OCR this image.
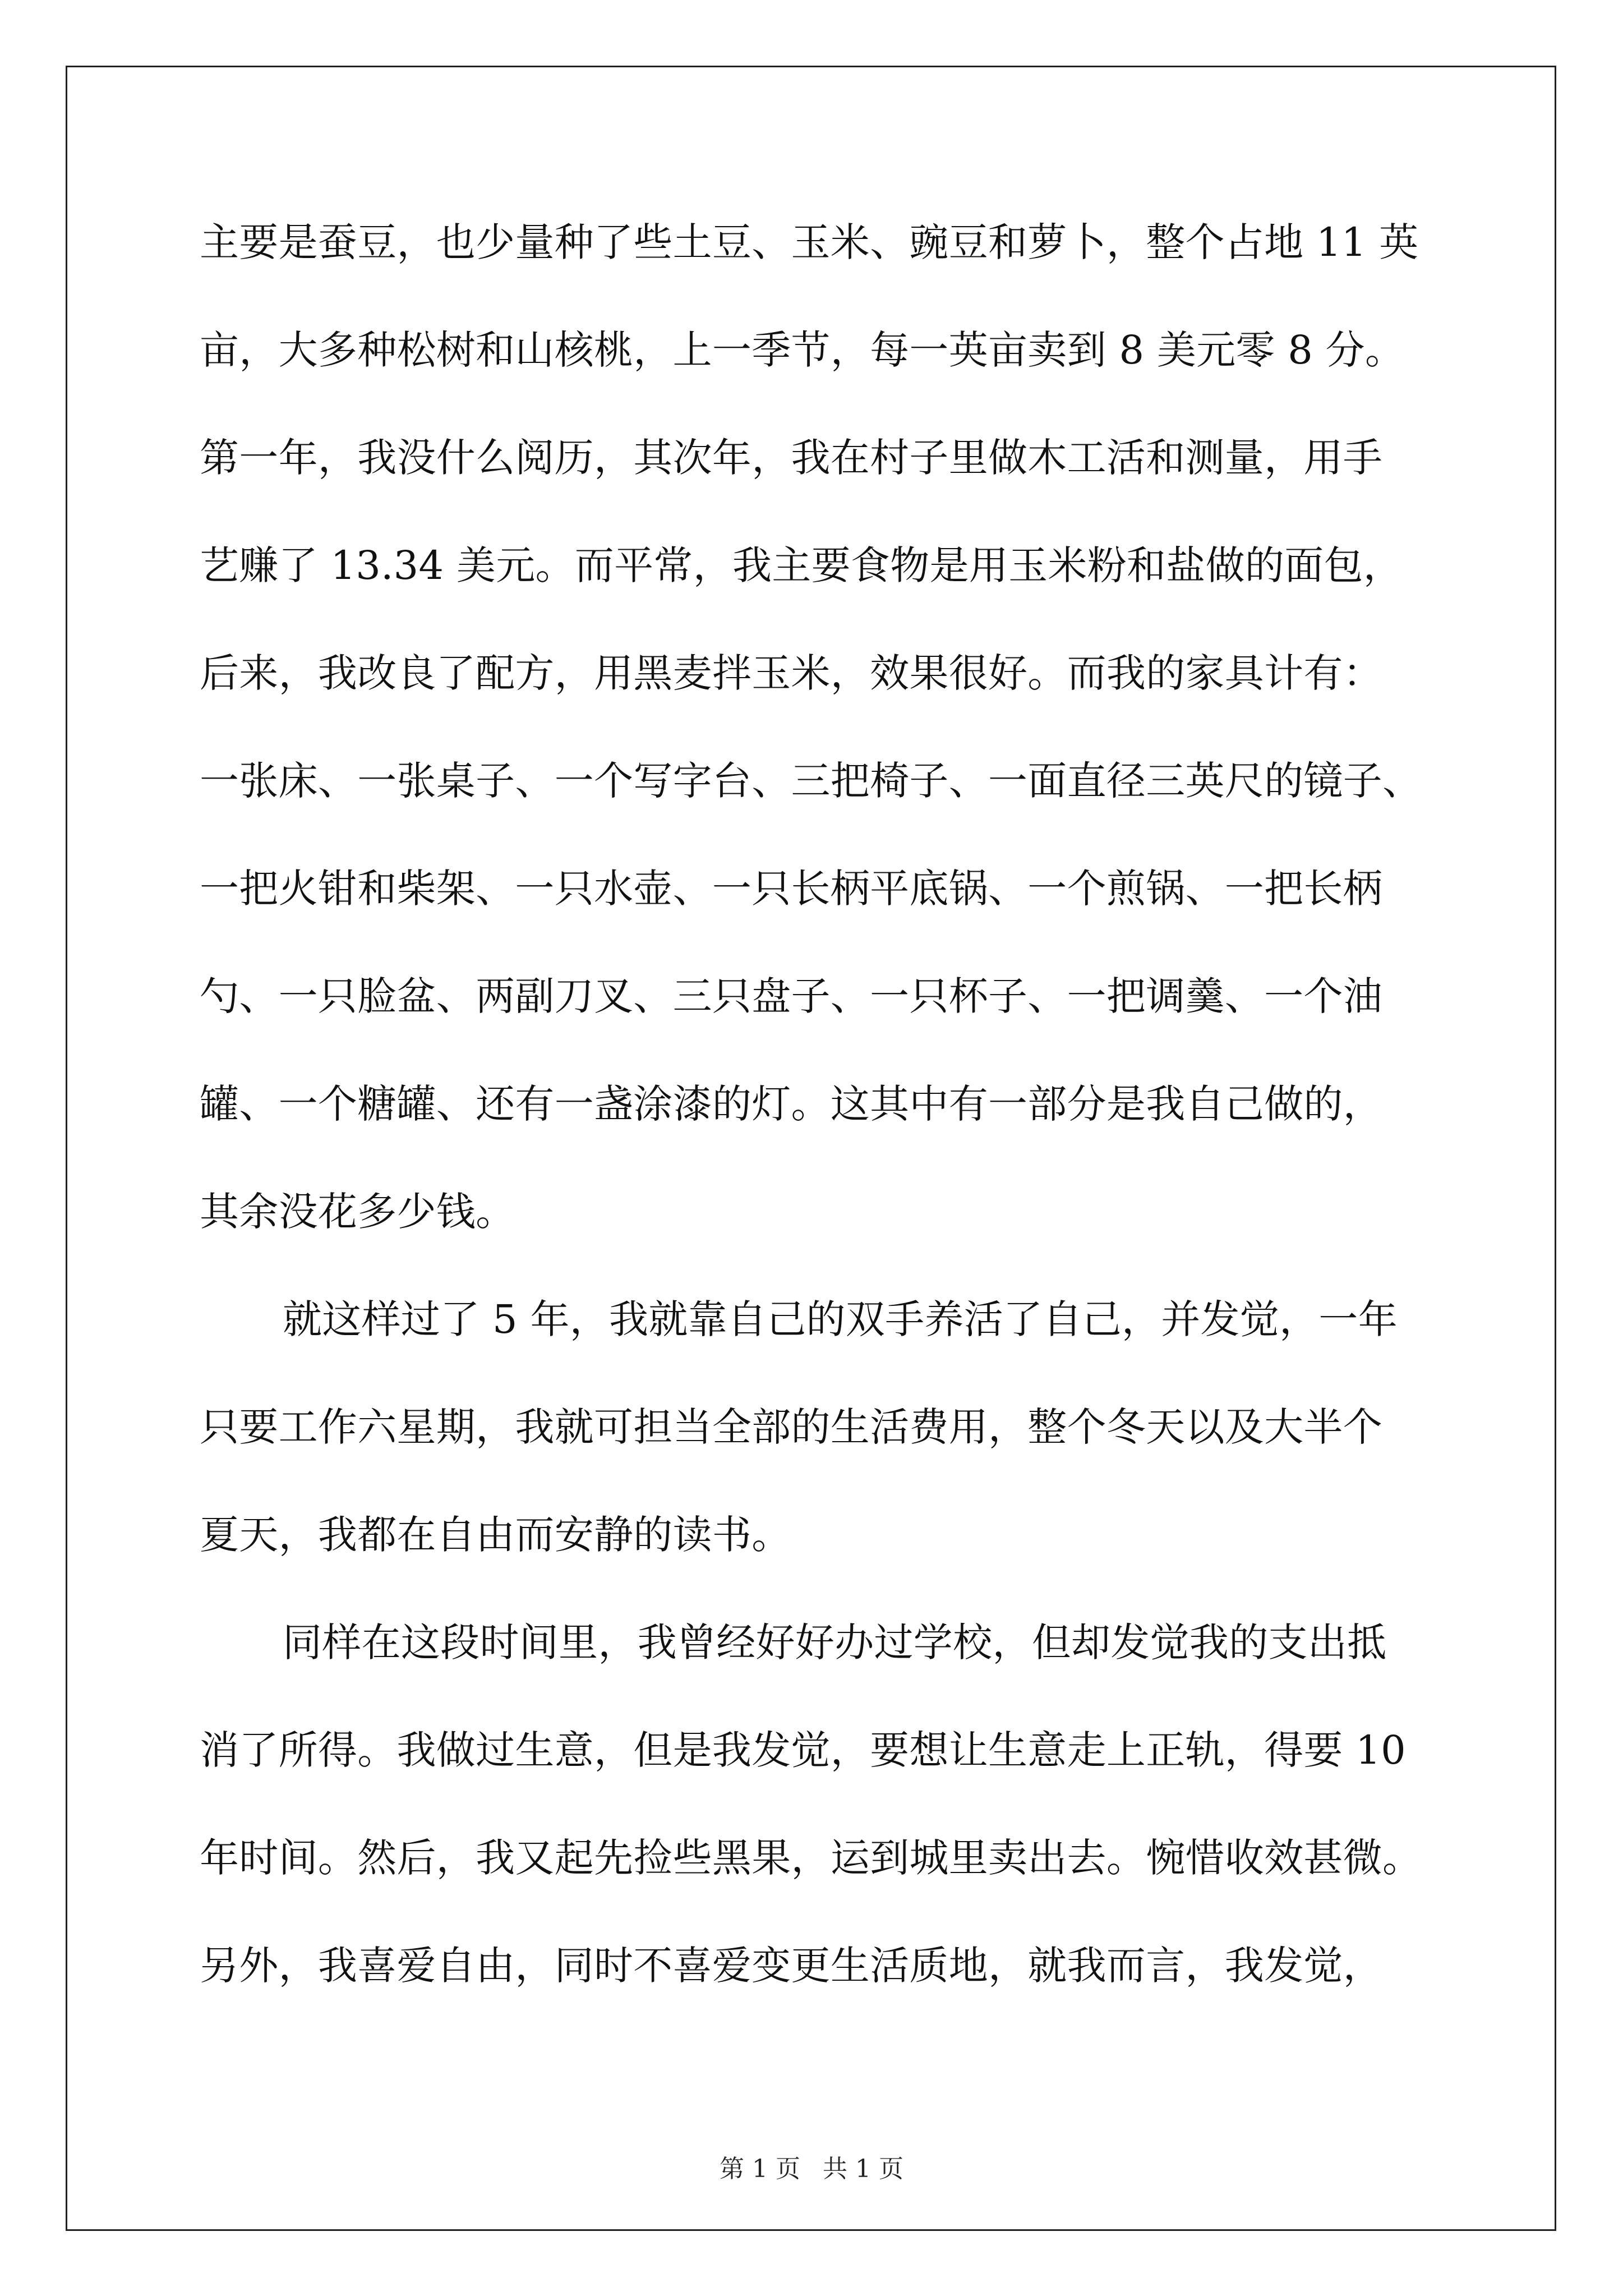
主要是蚕豆，也少量种了些土豆、玉米、豌豆和萝卜，整个占地 11 英
亩，大多种松树和山核桃，上一季节，每一英亩卖到 8 美元零 8 分。
第一年，我没什么阅历，其次年，我在村子里做木工活和测量，用手
艺赚了 13.34 美元。而平常，我主要食物是用玉米粉和盐做的面包，
后来，我改良了配方，用黑麦拌玉米，效果很好。而我的家具计有：
一张床、一张桌子、一个写字台、三把椅子、一面直径三英尺的镜子、
一把火钳和柴架、一只水壶、一只长柄平底锅、一个煎锅、一把长柄
勺、一只脸盆、两副刀叉、三只盘子、一只杯子、一把调羹、一个油
罐、一个糖罐、还有一盏涂漆的灯。这其中有一部分是我自己做的，
其余没花多少钱。
就这样过了 5 年，我就靠自己的双手养活了自己，并发觉，一年
只要工作六星期，我就可担当全部的生活费用，整个冬天以及大半个
夏天，我都在自由而安静的读书。
同样在这段时间里，我曾经好好办过学校，但却发觉我的支出抵
消了所得。我做过生意，但是我发觉，要想让生意走上正轨，得要 10
年时间。然后，我又起先捡些黑果，运到城里卖出去。惋惜收效甚微。
另外，我喜爱自由，同时不喜爱变更生活质地，就我而言，我发觉，
第 1 页 共 1 页
